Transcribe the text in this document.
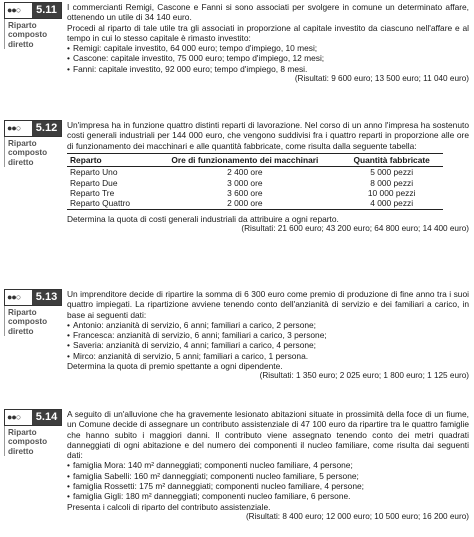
●●○	5.11
Riparto composto diretto

I commercianti Remigi, Cascone e Fanni si sono associati per svolgere in comune un determinato affare, ottenendo un utile di 34 140 euro.

Procedi al riparto di tale utile tra gli associati in proporzione al capitale investito da ciascuno nell'affare e al tempo in cui lo stesso capitale è rimasto investito:

• Remigi: capitale investito, 64 000 euro; tempo d'impiego, 10 mesi;
• Cascone: capitale investito, 75 000 euro; tempo d'impiego, 12 mesi;
• Fanni: capitale investito, 92 000 euro; tempo d'impiego, 8 mesi.
(Risultati: 9 600 euro; 13 500 euro; 11 040 euro)
●●○	5.12
Riparto composto diretto

Un'impresa ha in funzione quattro distinti reparti di lavorazione. Nel corso di un anno l'impresa ha sostenuto costi generali industriali per 144 000 euro, che vengono suddivisi fra i quattro reparti in proporzione alle ore di funzionamento dei macchinari e alle quantità fabbricate, come risulta dalla seguente tabella:

Reparto	Ore di funzionamento dei macchinari	Quantità fabbricate
Reparto Uno	2 400 ore	5 000 pezzi
Reparto Due	3 000 ore	8 000 pezzi
Reparto Tre	3 600 ore	10 000 pezzi
Reparto Quattro	2 000 ore	4 000 pezzi

Determina la quota di costi generali industriali da attribuire a ogni reparto.

(Risultati: 21 600 euro; 43 200 euro; 64 800 euro; 14 400 euro)
●●○	5.13
Riparto composto diretto

Un imprenditore decide di ripartire la somma di 6 300 euro come premio di produzione di fine anno tra i suoi quattro impiegati. La ripartizione avviene tenendo conto dell'anzianità di servizio e dei familiari a carico, in base ai seguenti dati:

• Antonio: anzianità di servizio, 6 anni; familiari a carico, 2 persone;
• Francesca: anzianità di servizio, 6 anni; familiari a carico, 3 persone;
• Saveria: anzianità di servizio, 4 anni; familiari a carico, 4 persone;
• Mirco: anzianità di servizio, 5 anni; familiari a carico, 1 persona.

Determina la quota di premio spettante a ogni dipendente.

(Risultati: 1 350 euro; 2 025 euro; 1 800 euro; 1 125 euro)
●●○	5.14
Riparto composto diretto

A seguito di un'alluvione che ha gravemente lesionato abitazioni situate in prossimità della foce di un fiume, un Comune decide di assegnare un contributo assistenziale di 47 100 euro da ripartire tra le quattro famiglie che hanno subito i maggiori danni. Il contributo viene assegnato tenendo conto dei metri quadrati danneggiati di ogni abitazione e del numero dei componenti il nucleo familiare, come risulta dai seguenti dati:

• famiglia Mora: 140 m² danneggiati; componenti nucleo familiare, 4 persone;
• famiglia Sabelli: 160 m² danneggiati; componenti nucleo familiare, 5 persone;
• famiglia Rossetti: 175 m² danneggiati; componenti nucleo familiare, 4 persone;
• famiglia Gigli: 180 m² danneggiati; componenti nucleo familiare, 6 persone.

Presenta i calcoli di riparto del contributo assistenziale.

(Risultati: 8 400 euro; 12 000 euro; 10 500 euro; 16 200 euro)
